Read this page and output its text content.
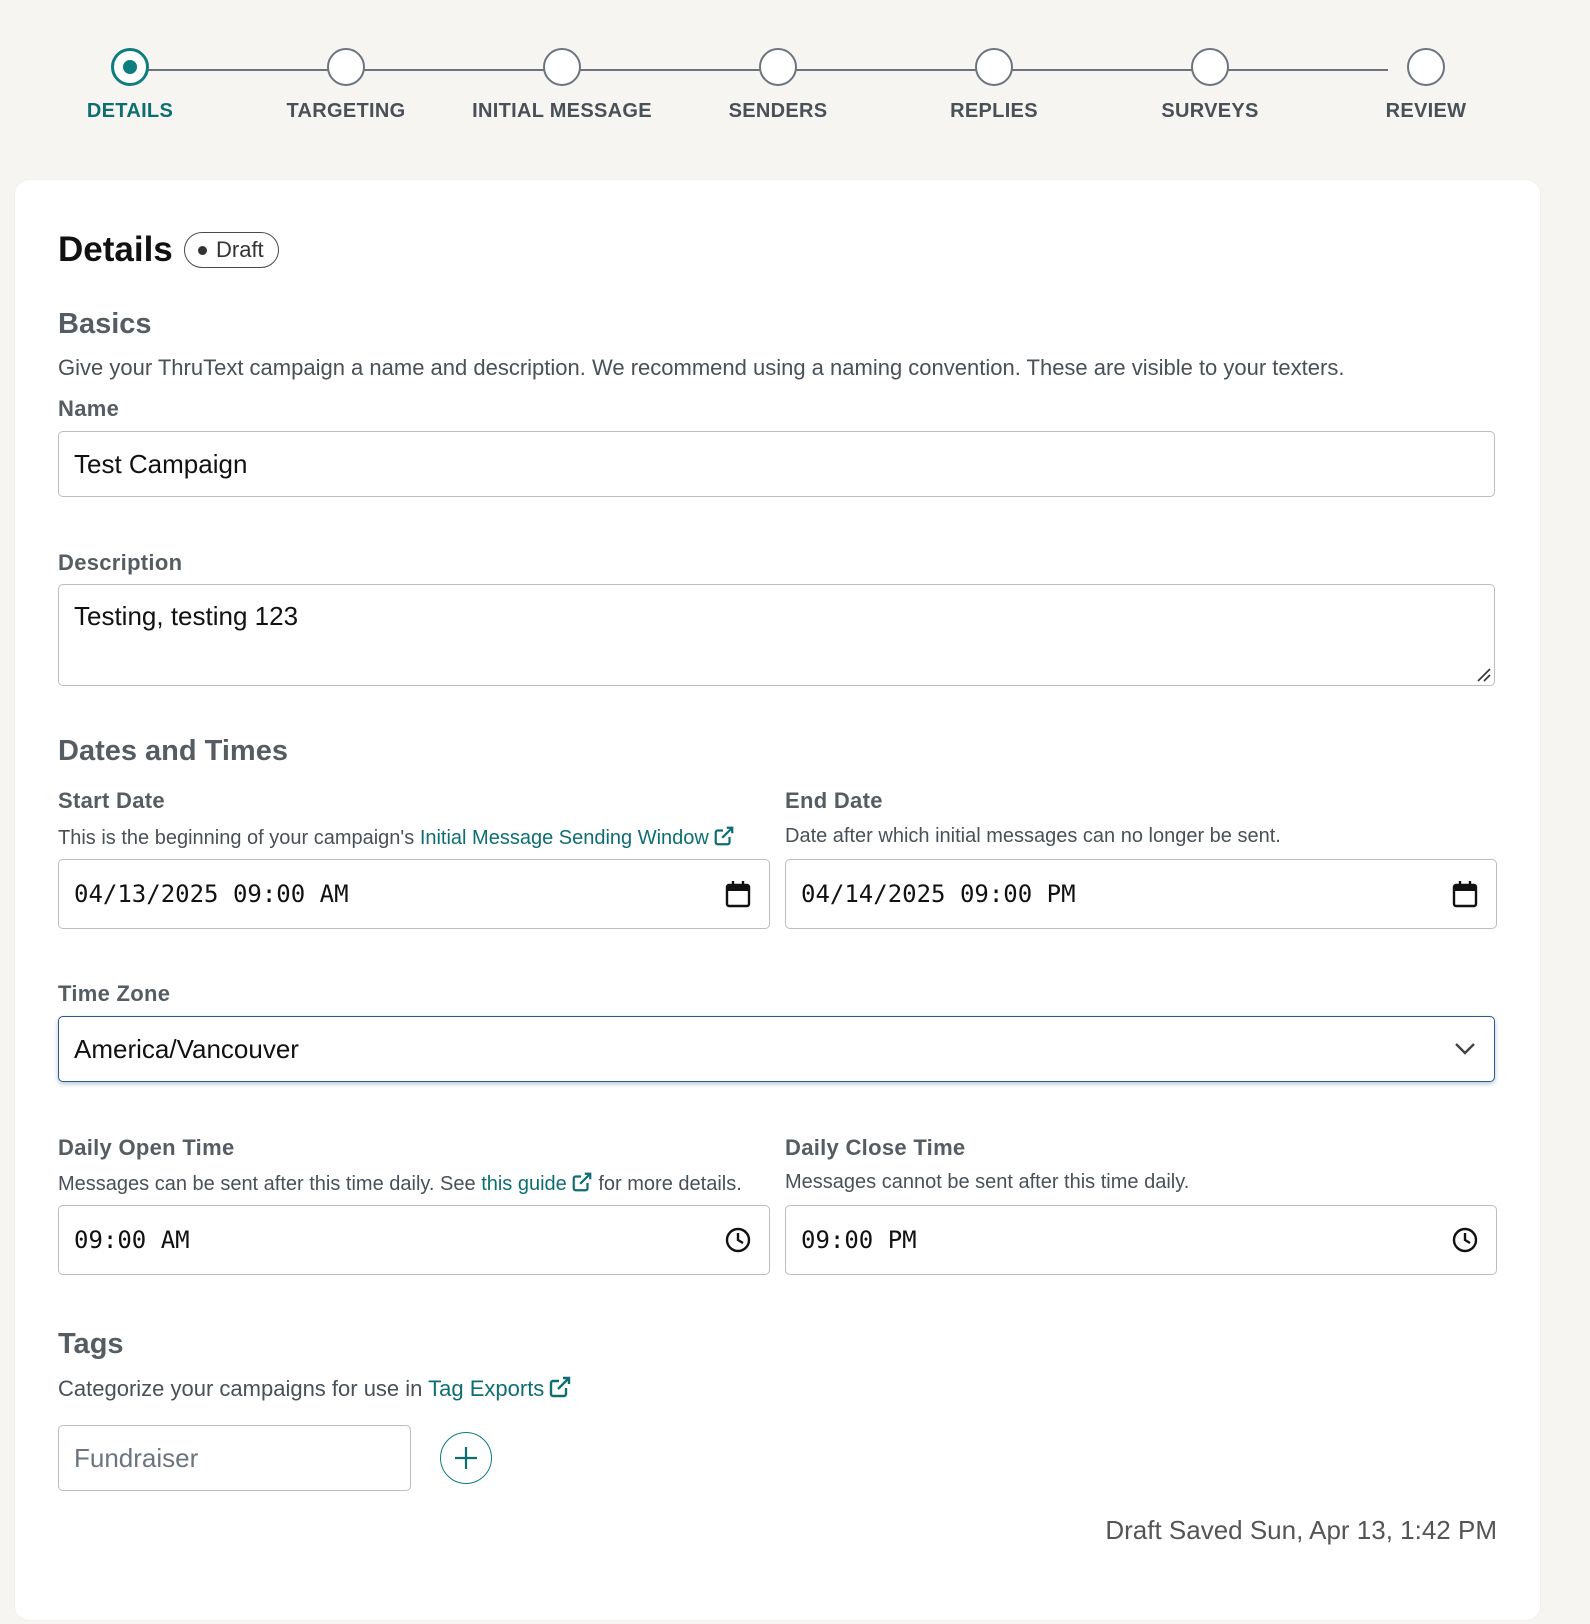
DETAILS	TARGETING	INITIAL MESSAGE	SENDERS	REPLIES	SURVEYS	REVIEW
Details Draft
Basics
Give your ThruText campaign a name and description. We recommend using a naming convention. These are visible to your texters.
Name
Test Campaign
Description
Testing, testing 123
Dates and Times
Start Date
This is the beginning of your campaign's Initial Message Sending Window
04/13/2025 09:00 AM
End Date
Date after which initial messages can no longer be sent.
04/14/2025 09:00 PM
Time Zone
America/Vancouver
Daily Open Time
Messages can be sent after this time daily. See this guide for more details.
09:00 AM
Daily Close Time
Messages cannot be sent after this time daily.
09:00 PM
Tags
Categorize your campaigns for use in Tag Exports
Fundraiser
Draft Saved Sun, Apr 13, 1:42 PM
